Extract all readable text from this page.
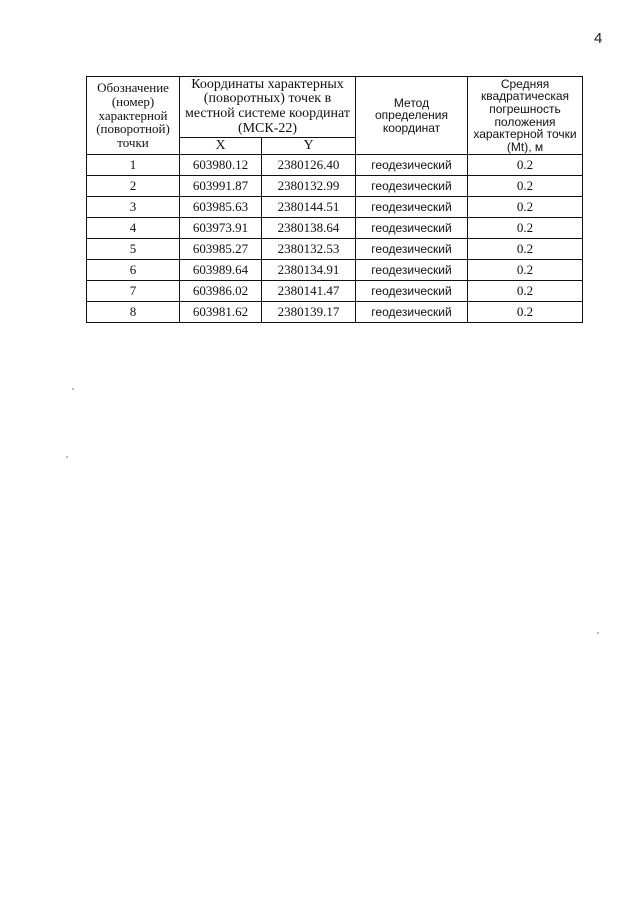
4
Обозначение (номер) характерной (поворотной) точки	Координаты характерных (поворотных) точек в местной системе координат (МСК-22)		Метод определения координат	Средняя квадратическая погрешность положения характерной точки (Mt), м
	X	Y		
1	603980.12	2380126.40	геодезический	0.2
2	603991.87	2380132.99	геодезический	0.2
3	603985.63	2380144.51	геодезический	0.2
4	603973.91	2380138.64	геодезический	0.2
5	603985.27	2380132.53	геодезический	0.2
6	603989.64	2380134.91	геодезический	0.2
7	603986.02	2380141.47	геодезический	0.2
8	603981.62	2380139.17	геодезический	0.2
